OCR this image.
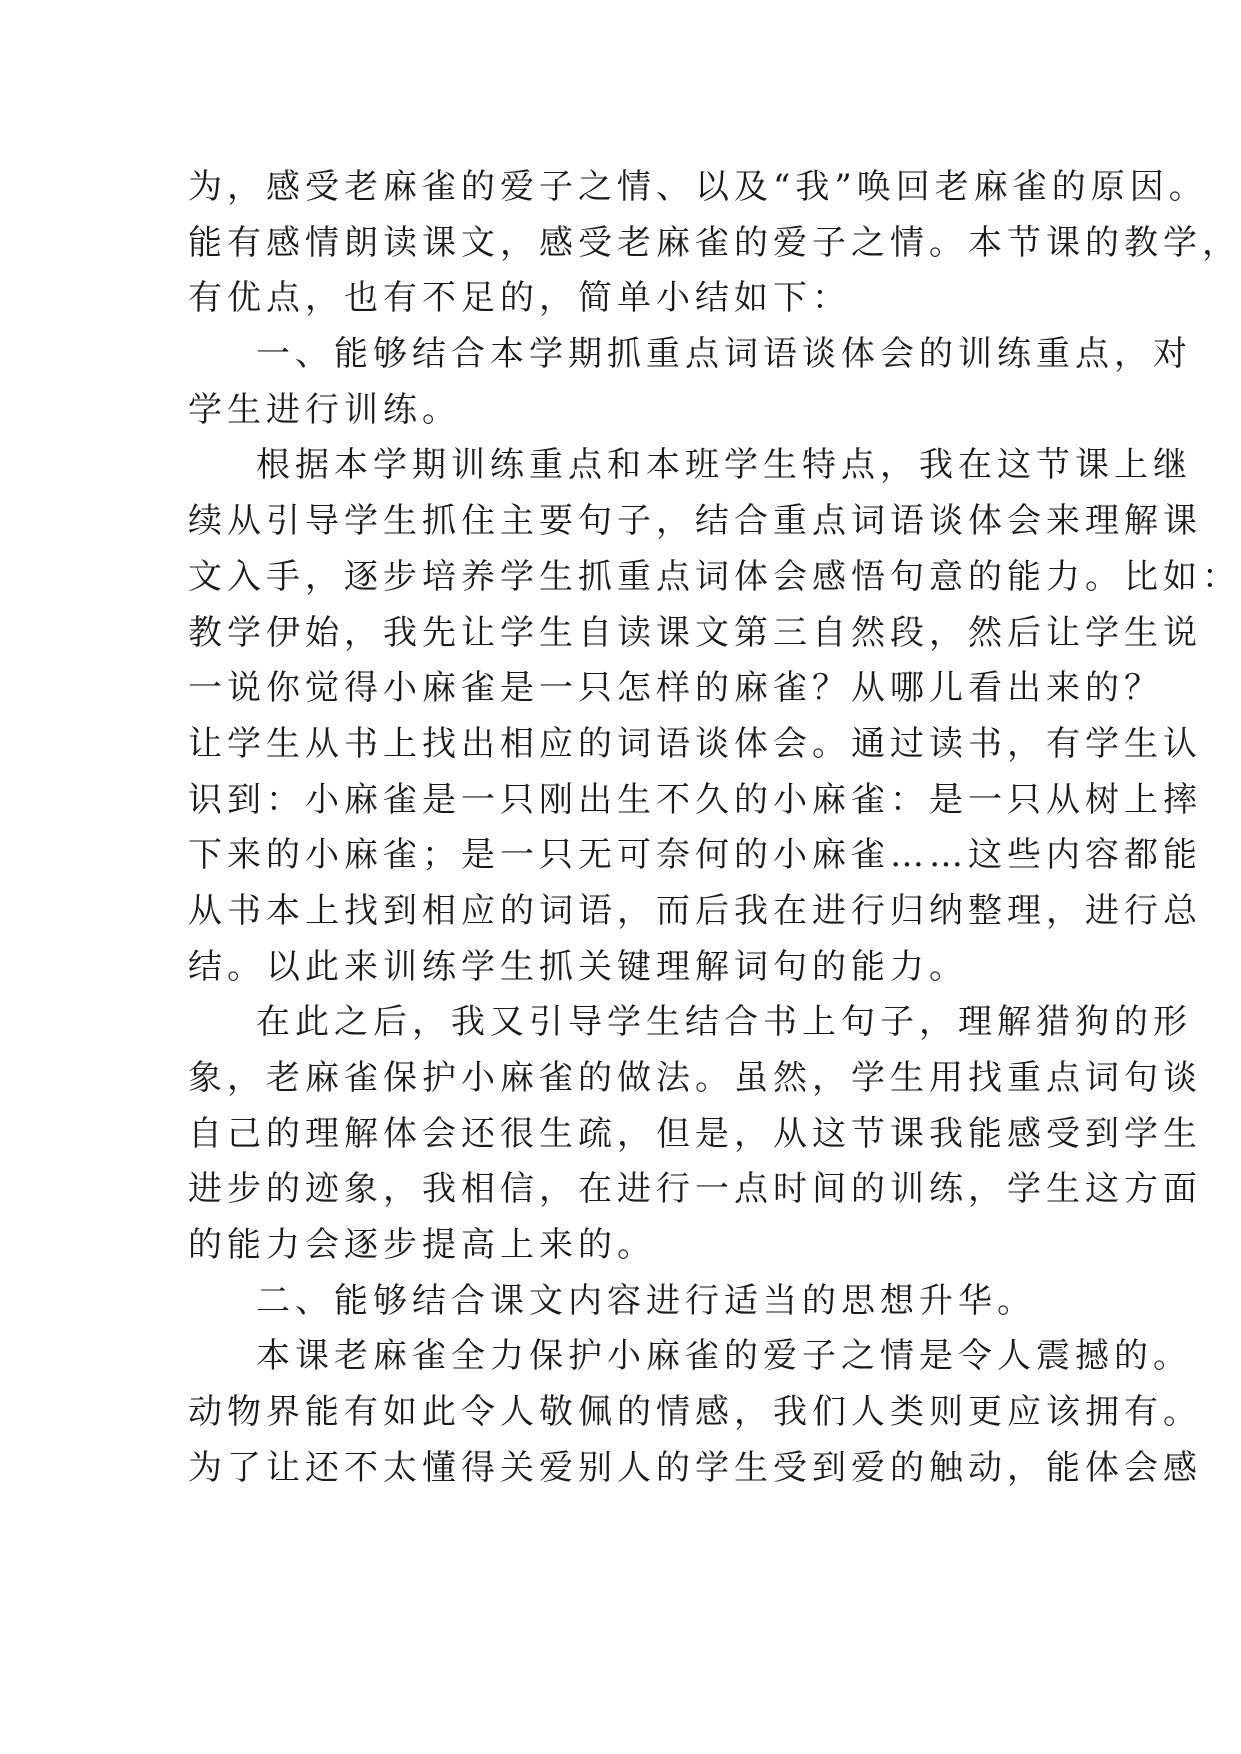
为，感受老麻雀的爱子之情、以及“我”唤回老麻雀的原因。
能有感情朗读课文，感受老麻雀的爱子之情。本节课的教学，
有优点，也有不足的，简单小结如下：
一、能够结合本学期抓重点词语谈体会的训练重点，对
学生进行训练。
根据本学期训练重点和本班学生特点，我在这节课上继
续从引导学生抓住主要句子，结合重点词语谈体会来理解课
文入手，逐步培养学生抓重点词体会感悟句意的能力。比如：
教学伊始，我先让学生自读课文第三自然段，然后让学生说
一说你觉得小麻雀是一只怎样的麻雀？从哪儿看出来的？
让学生从书上找出相应的词语谈体会。通过读书，有学生认
识到：小麻雀是一只刚出生不久的小麻雀：是一只从树上摔
下来的小麻雀；是一只无可奈何的小麻雀……这些内容都能
从书本上找到相应的词语，而后我在进行归纳整理，进行总
结。以此来训练学生抓关键理解词句的能力。
在此之后，我又引导学生结合书上句子，理解猎狗的形
象，老麻雀保护小麻雀的做法。虽然，学生用找重点词句谈
自己的理解体会还很生疏，但是，从这节课我能感受到学生
进步的迹象，我相信，在进行一点时间的训练，学生这方面
的能力会逐步提高上来的。
二、能够结合课文内容进行适当的思想升华。
本课老麻雀全力保护小麻雀的爱子之情是令人震撼的。
动物界能有如此令人敬佩的情感，我们人类则更应该拥有。
为了让还不太懂得关爱别人的学生受到爱的触动，能体会感
